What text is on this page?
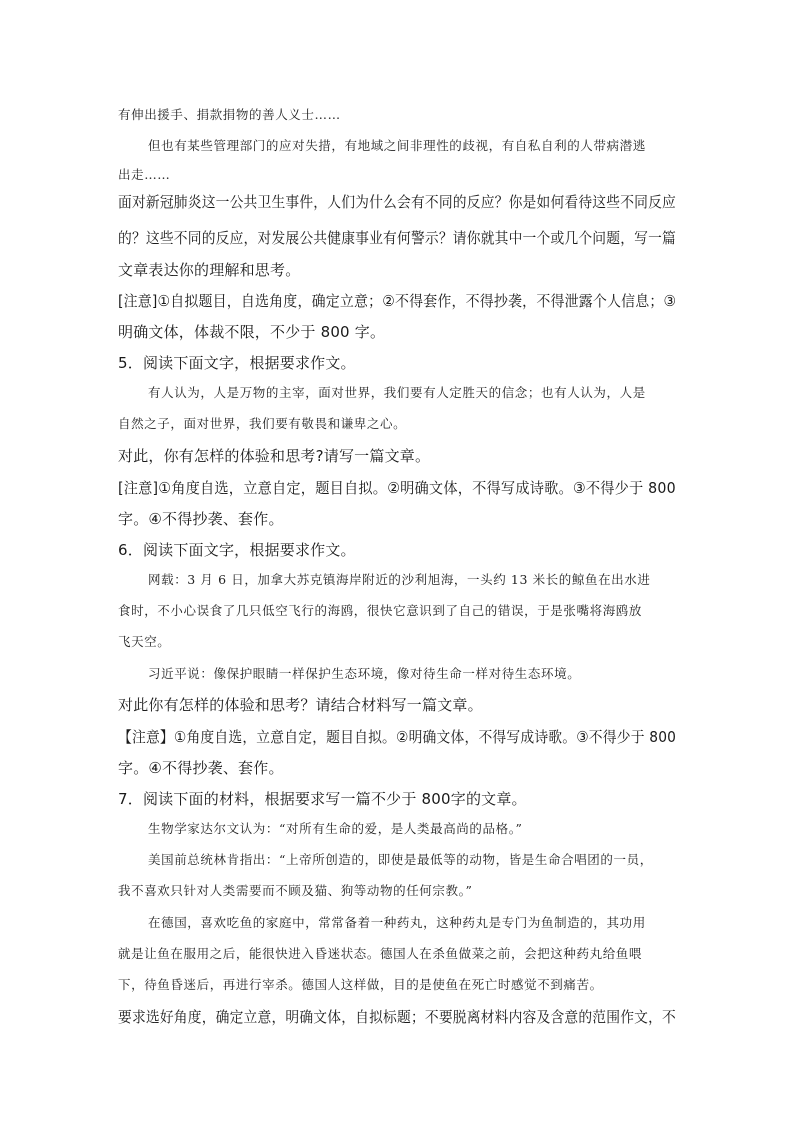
有伸出援手、捐款捐物的善人义士……
但也有某些管理部门的应对失措，有地域之间非理性的歧视，有自私自利的人带病潜逃
出走……
面对新冠肺炎这一公共卫生事件，人们为什么会有不同的反应？你是如何看待这些不同反应
的？这些不同的反应，对发展公共健康事业有何警示？请你就其中一个或几个问题，写一篇
文章表达你的理解和思考。
[注意]①自拟题目，自选角度，确定立意；②不得套作，不得抄袭，不得泄露个人信息；③
明确文体，体裁不限，不少于 800 字。
5．阅读下面文字，根据要求作文。
有人认为，人是万物的主宰，面对世界，我们要有人定胜天的信念；也有人认为，人是
自然之子，面对世界，我们要有敬畏和谦卑之心。
对此，你有怎样的体验和思考?请写一篇文章。
[注意]①角度自选，立意自定，题目自拟。②明确文体，不得写成诗歌。③不得少于 800
字。④不得抄袭、套作。
6．阅读下面文字，根据要求作文。
网载：3 月 6 日，加拿大苏克镇海岸附近的沙利旭海，一头约 13 米长的鲸鱼在出水进
食时，不小心误食了几只低空飞行的海鸥，很快它意识到了自己的错误，于是张嘴将海鸥放
飞天空。
习近平说：像保护眼睛一样保护生态环境，像对待生命一样对待生态环境。
对此你有怎样的体验和思考？请结合材料写一篇文章。
【注意】①角度自选，立意自定，题目自拟。②明确文体，不得写成诗歌。③不得少于 800
字。④不得抄袭、套作。
7．阅读下面的材料，根据要求写一篇不少于 800字的文章。
生物学家达尔文认为：“对所有生命的爱，是人类最高尚的品格。”
美国前总统林肯指出：“上帝所创造的，即使是最低等的动物，皆是生命合唱团的一员，
我不喜欢只针对人类需要而不顾及猫、狗等动物的任何宗教。”
在德国，喜欢吃鱼的家庭中，常常备着一种药丸，这种药丸是专门为鱼制造的，其功用
就是让鱼在服用之后，能很快进入昏迷状态。德国人在杀鱼做菜之前，会把这种药丸给鱼喂
下，待鱼昏迷后，再进行宰杀。德国人这样做，目的是使鱼在死亡时感觉不到痛苦。
要求选好角度，确定立意，明确文体，自拟标题；不要脱离材料内容及含意的范围作文，不
